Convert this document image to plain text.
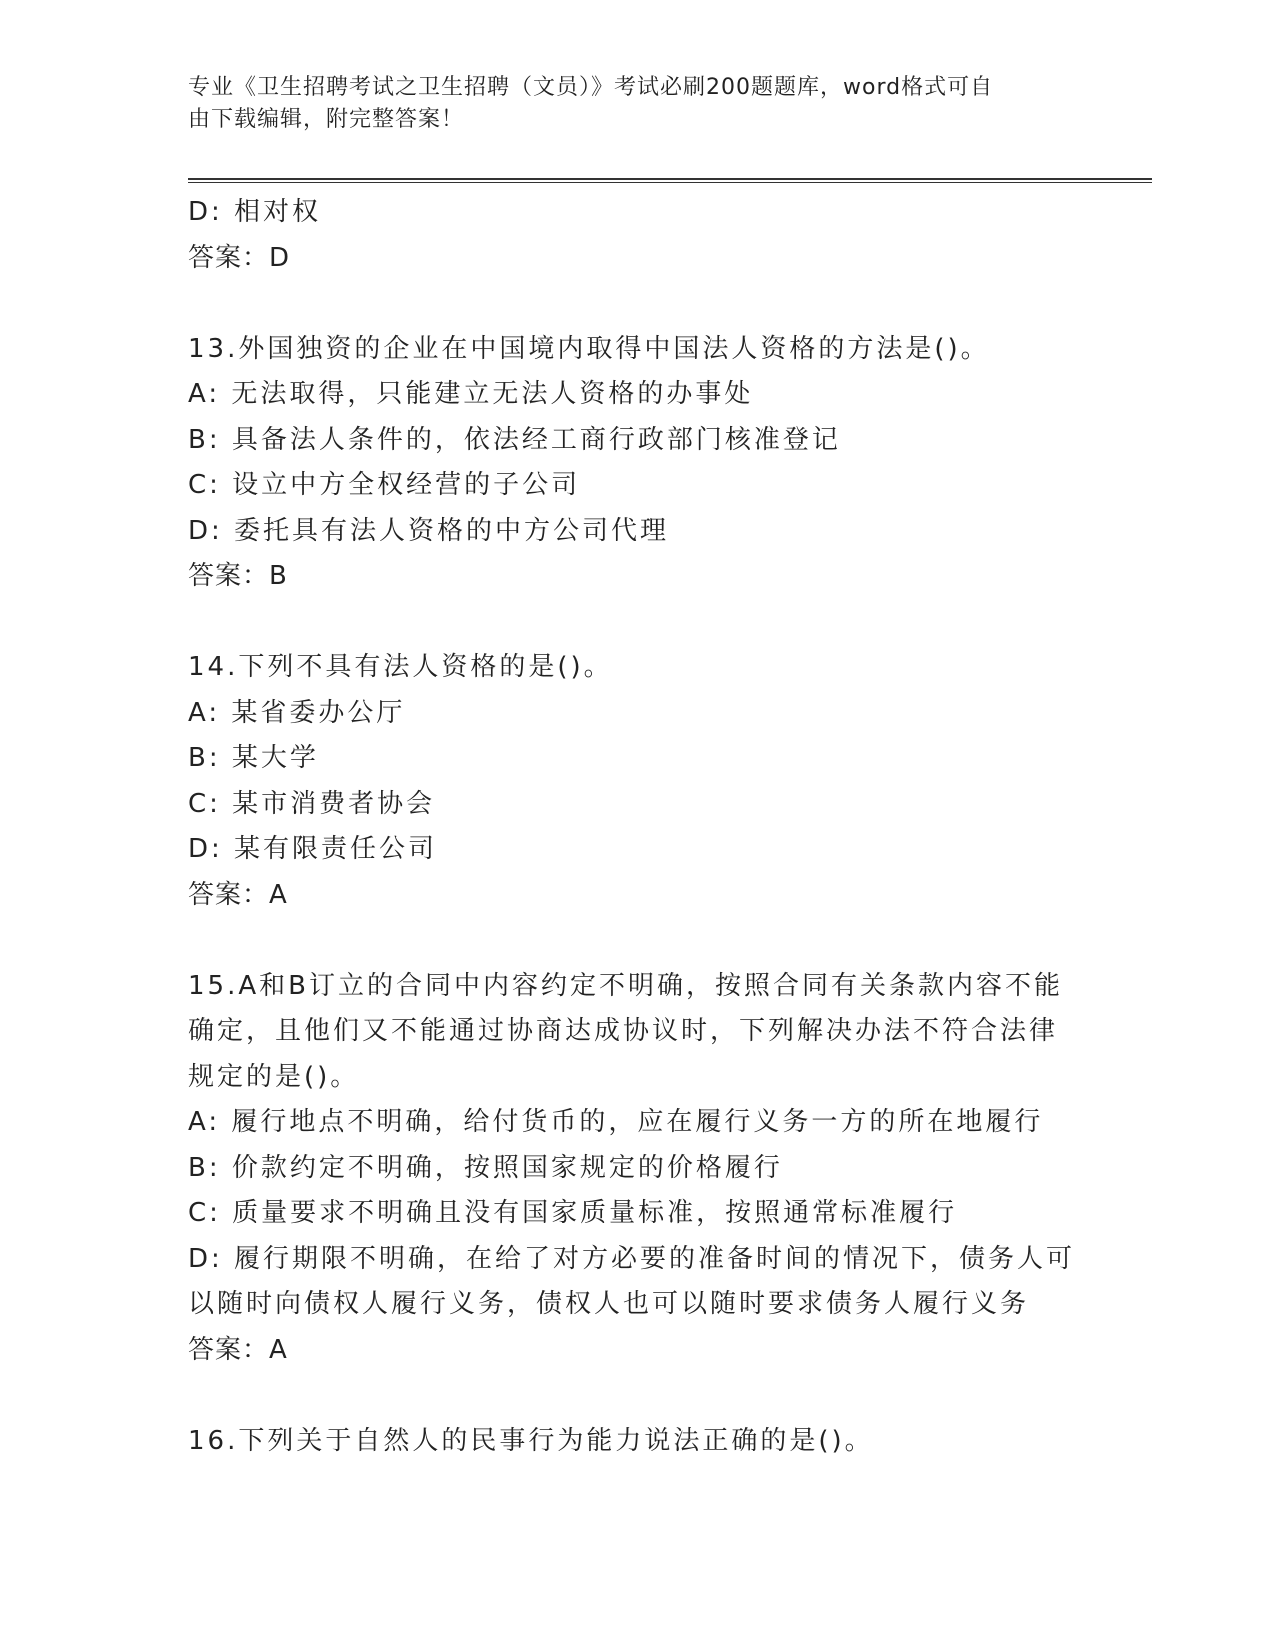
专业《卫生招聘考试之卫生招聘（文员）》考试必刷200题题库，word格式可自
由下载编辑，附完整答案！
D: 相对权
答案：D
13.外国独资的企业在中国境内取得中国法人资格的方法是()。
A: 无法取得，只能建立无法人资格的办事处
B: 具备法人条件的，依法经工商行政部门核准登记
C: 设立中方全权经营的子公司
D: 委托具有法人资格的中方公司代理
答案：B
14.下列不具有法人资格的是()。
A: 某省委办公厅
B: 某大学
C: 某市消费者协会
D: 某有限责任公司
答案：A
15.A和B订立的合同中内容约定不明确，按照合同有关条款内容不能
确定，且他们又不能通过协商达成协议时，下列解决办法不符合法律
规定的是()。
A: 履行地点不明确，给付货币的，应在履行义务一方的所在地履行
B: 价款约定不明确，按照国家规定的价格履行
C: 质量要求不明确且没有国家质量标准，按照通常标准履行
D: 履行期限不明确，在给了对方必要的准备时间的情况下，债务人可
以随时向债权人履行义务，债权人也可以随时要求债务人履行义务
答案：A
16.下列关于自然人的民事行为能力说法正确的是()。
